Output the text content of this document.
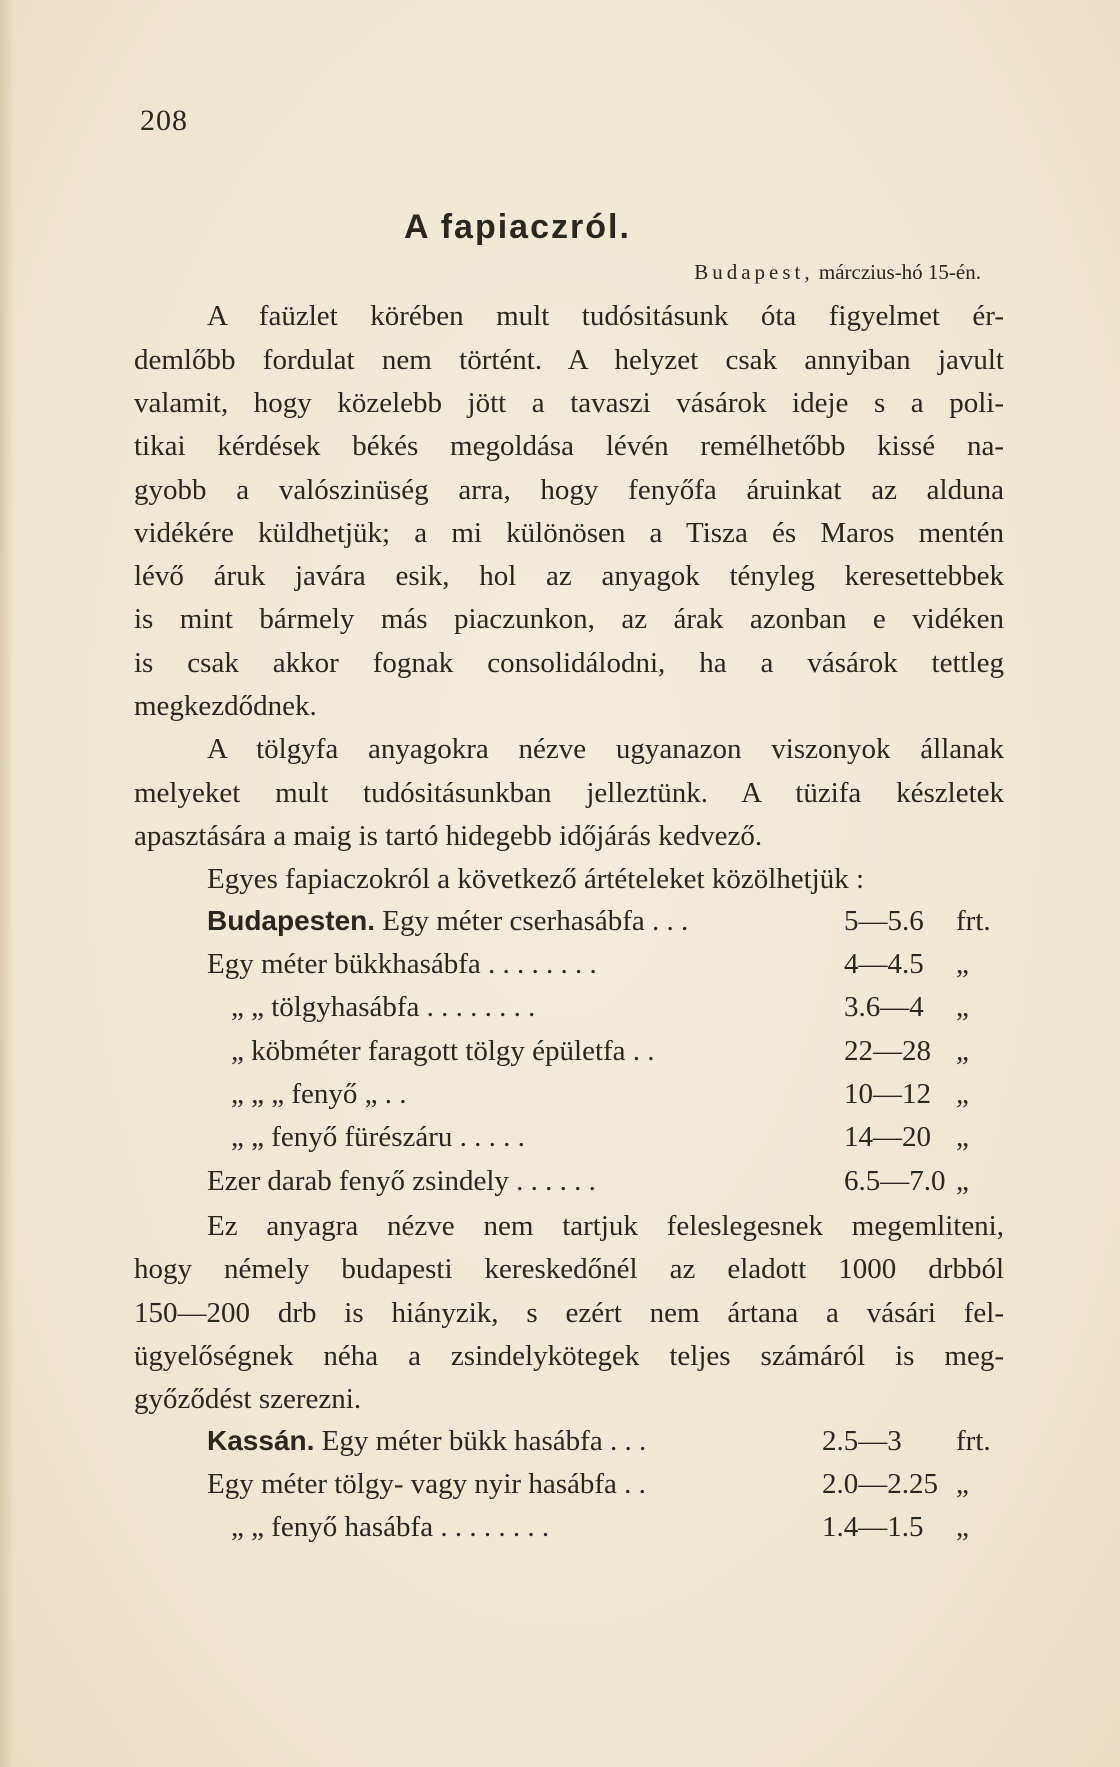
208
A fapiaczról.
Budapest, márczius-hó 15-én.
A faüzlet körében mult tudósitásunk óta figyelmet ér-
demlőbb fordulat nem történt. A helyzet csak annyiban javult
valamit, hogy közelebb jött a tavaszi vásárok ideje s a poli-
tikai kérdések békés megoldása lévén remélhetőbb kissé na-
gyobb a valószinüség arra, hogy fenyőfa áruinkat az alduna
vidékére küldhetjük; a mi különösen a Tisza és Maros mentén
lévő áruk javára esik, hol az anyagok tényleg keresettebbek
is mint bármely más piaczunkon, az árak azonban e vidéken
is csak akkor fognak consolidálodni, ha a vásárok tettleg
megkezdődnek.
A tölgyfa anyagokra nézve ugyanazon viszonyok állanak
melyeket mult tudósitásunkban jelleztünk. A tüzifa készletek
apasztására a maig is tartó hidegebb időjárás kedvező.
Egyes fapiaczokról a következő ártételeket közölhetjük :
Budapesten. Egy méter cserhasábfa . . .	5—5.6 frt.
Egy méter bükkhasábfa . . . . . . . .	4—4.5 „
„ „ tölgyhasábfa . . . . . . . .	3.6—4 „
„ köbméter faragott tölgy épületfa . .	22—28 „
„ „ „ fenyő „ . .	10—12 „
„ „ fenyő fürészáru . . . . .	14—20 „
Ezer darab fenyő zsindely . . . . . .	6.5—7.0 „
Ez anyagra nézve nem tartjuk feleslegesnek megemliteni,
hogy némely budapesti kereskedőnél az eladott 1000 drbból
150—200 drb is hiányzik, s ezért nem ártana a vásári fel-
ügyelőségnek néha a zsindelykötegek teljes számáról is meg-
győződést szerezni.
Kassán. Egy méter bükk hasábfa . . .	2.5—3 frt.
Egy méter tölgy- vagy nyir hasábfa . .	2.0—2.25 „
„ „ fenyő hasábfa . . . . . . . .	1.4—1.5 „
